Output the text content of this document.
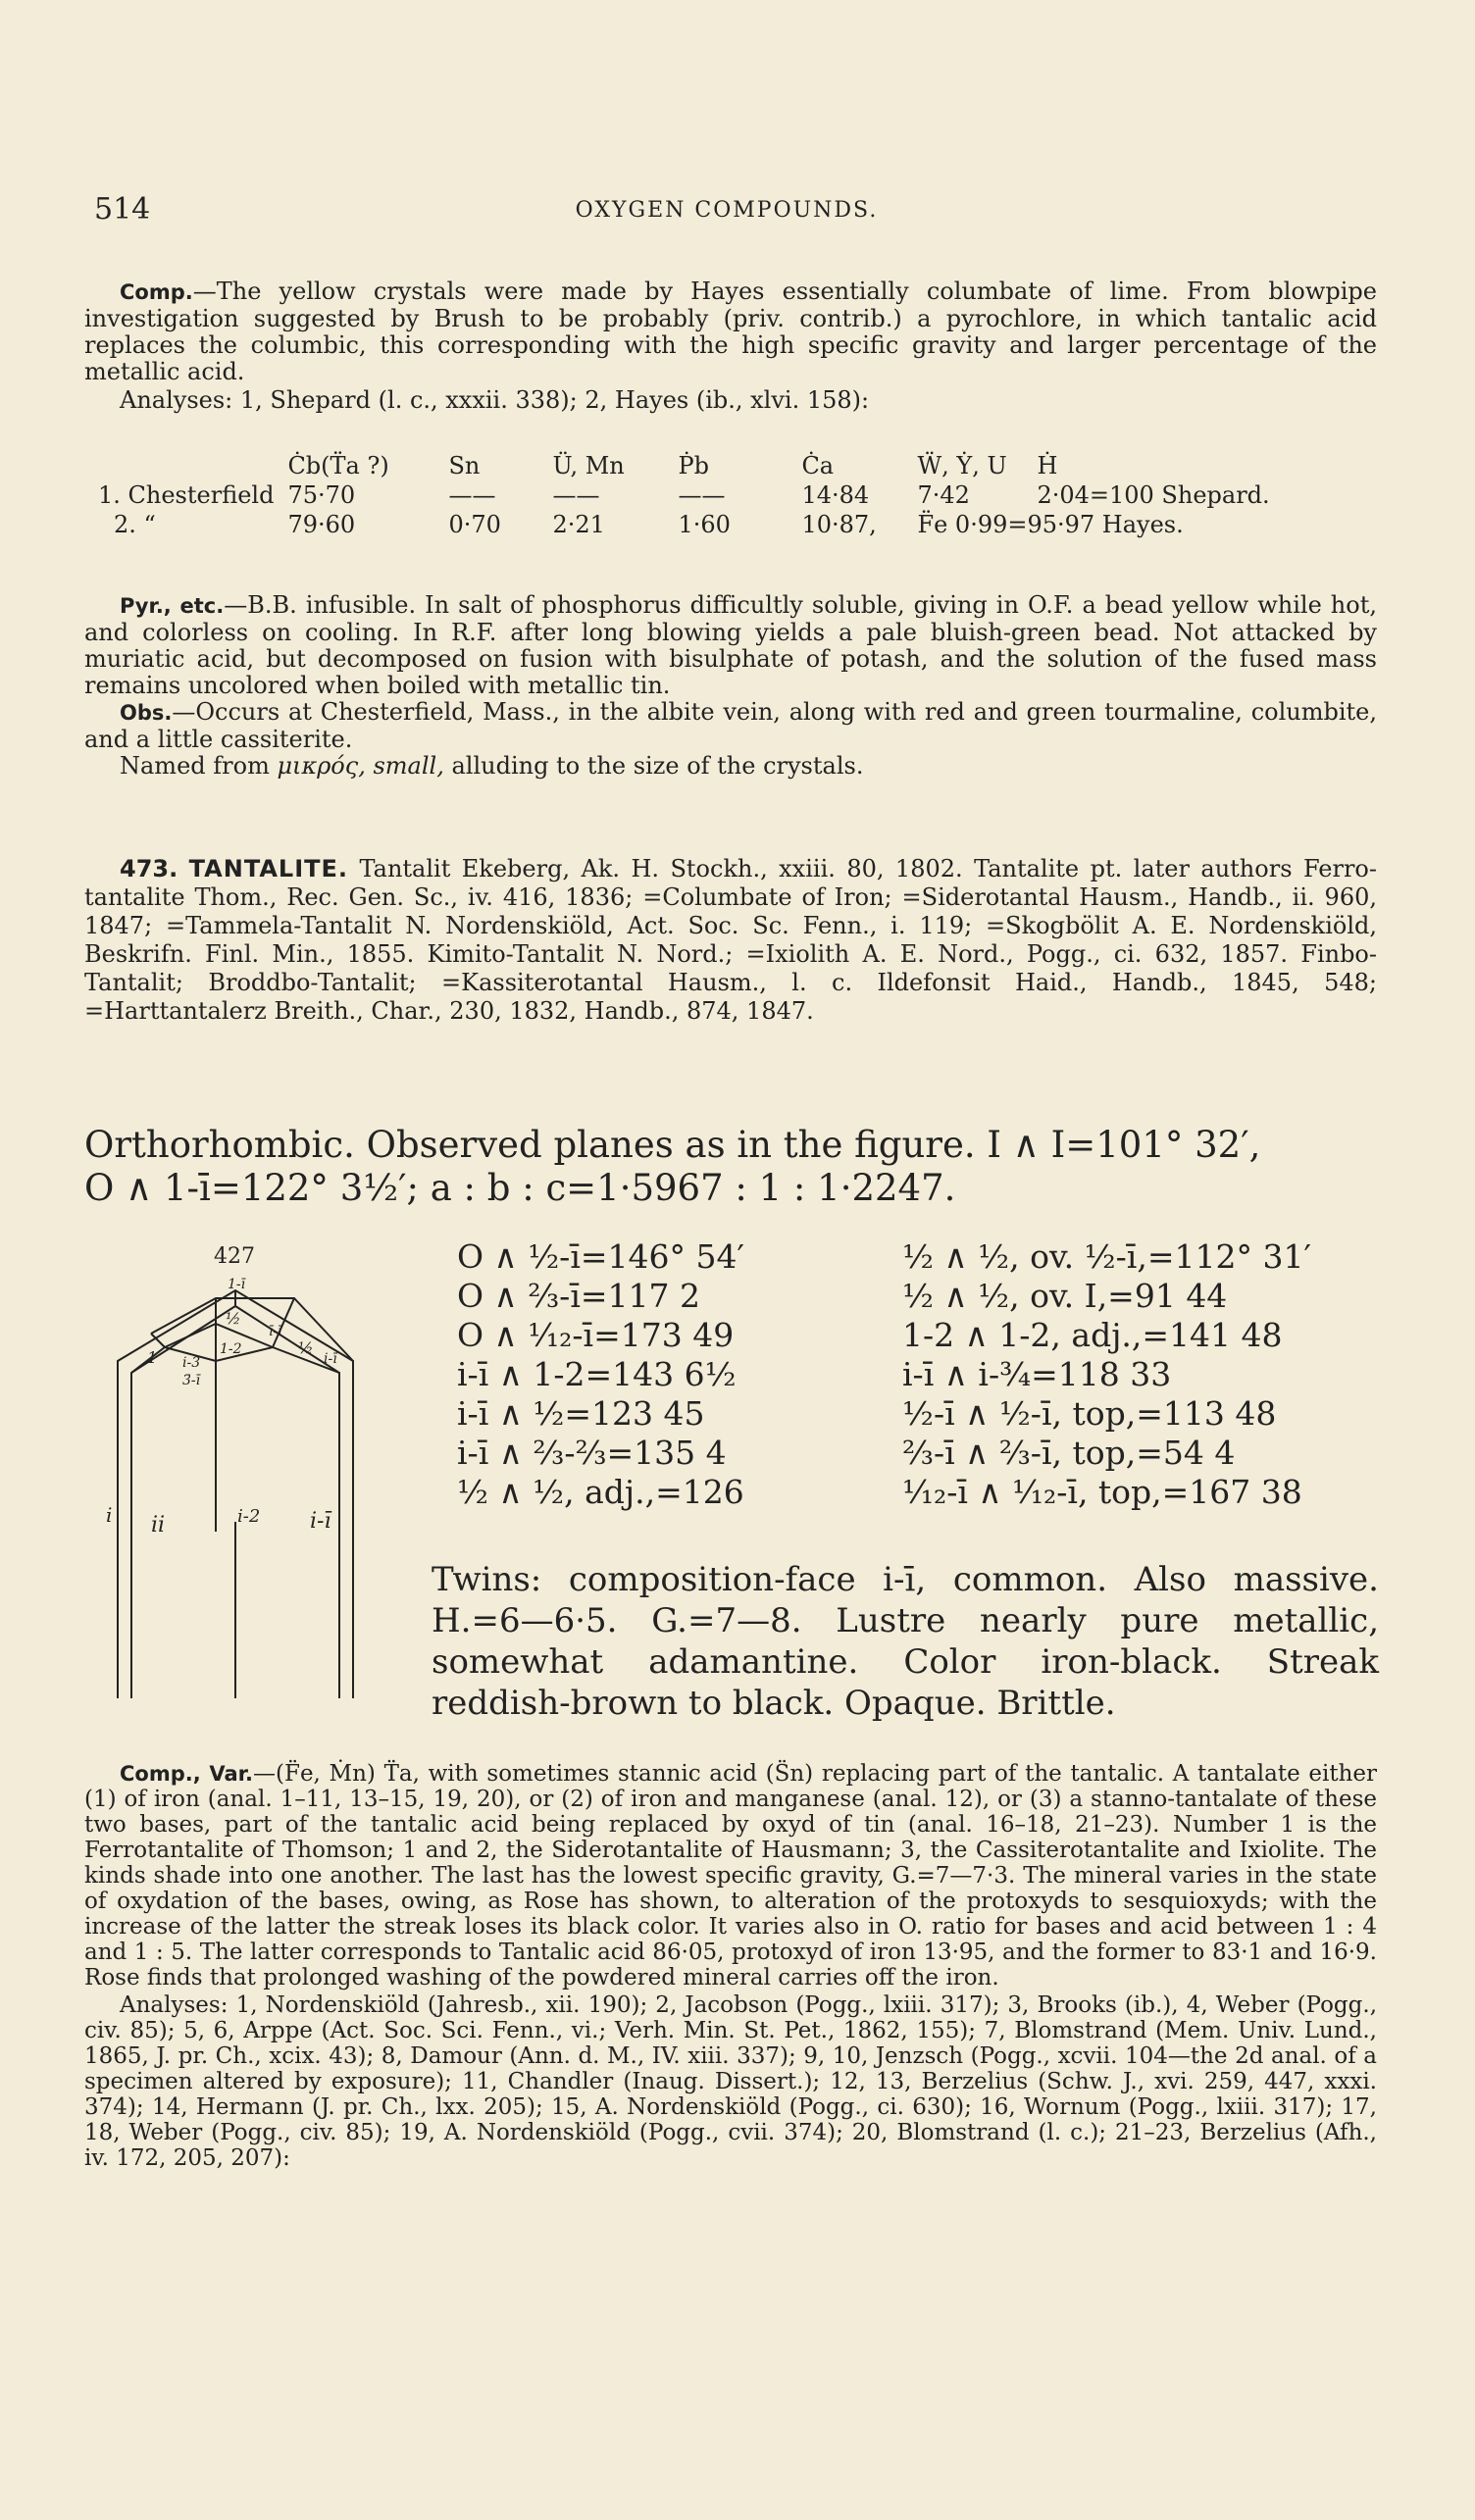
514	OXYGEN COMPOUNDS.

Comp.—The yellow crystals were made by Hayes essentially columbate of lime. From blowpipe investigation suggested by Brush to be probably (priv. contrib.) a pyrochlore, in which tantalic acid replaces the columbic, this corresponding with the high specific gravity and larger percentage of the metallic acid.

Analyses: 1, Shepard (l. c., xxxii. 338); 2, Hayes (ib., xlvi. 158):

	Ċb(T̈a ?)	Sn	Ü, Mn	Ṗb	Ċa	Ẅ, Ẏ, U	Ḣ
1. Chesterfield	75·70	——	——	——	14·84	7·42	2·04=100 Shepard.
2. “	79·60	0·70	2·21	1·60	10·87,	F̈e 0·99=95·97 Hayes.	

Pyr., etc.—B.B. infusible. In salt of phosphorus difficultly soluble, giving in O.F. a bead yellow while hot, and colorless on cooling. In R.F. after long blowing yields a pale bluish-green bead. Not attacked by muriatic acid, but decomposed on fusion with bisulphate of potash, and the solution of the fused mass remains uncolored when boiled with metallic tin.

Obs.—Occurs at Chesterfield, Mass., in the albite vein, along with red and green tourmaline, columbite, and a little cassiterite.

Named from μικρός, small, alluding to the size of the crystals.

473. TANTALITE. Tantalit Ekeberg, Ak. H. Stockh., xxiii. 80, 1802. Tantalite pt. later authors Ferro-tantalite Thom., Rec. Gen. Sc., iv. 416, 1836; =Columbate of Iron; =Siderotantal Hausm., Handb., ii. 960, 1847; =Tammela-Tantalit N. Nordenskiöld, Act. Soc. Sc. Fenn., i. 119; =Skogbölit A. E. Nordenskiöld, Beskrifn. Finl. Min., 1855. Kimito-Tantalit N. Nord.; =Ixiolith A. E. Nord., Pogg., ci. 632, 1857. Finbo-Tantalit; Broddbo-Tantalit; =Kassiterotantal Hausm., l. c. Ildefonsit Haid., Handb., 1845, 548; =Harttantalerz Breith., Char., 230, 1832, Handb., 874, 1847.

Orthorhombic. Observed planes as in the figure. I ∧ I=101° 32′,
O ∧ 1-ī=122° 3½′; a : b : c=1·5967 : 1 : 1·2247.
427
1
½
½
1-ī
ī-ī
i-3
3̄-ī
1-2
i-ī
i ii	i-2 i-ī
O ∧ ½-ī=146° 54′
O ∧ ⅔-ī=117 2
O ∧ ¹⁄₁₂-ī=173 49
i-ī ∧ 1-2=143 6½
i-ī ∧ ½=123 45
i-ī ∧ ⅔-⅔=135 4
½ ∧ ½, adj.,=126
½ ∧ ½, ov. ½-ī,=112° 31′
½ ∧ ½, ov. I,=91 44
1-2 ∧ 1-2, adj.,=141 48
i-ī ∧ i-¾=118 33
½-ī ∧ ½-ī, top,=113 48
⅔-ī ∧ ⅔-ī, top,=54 4
¹⁄₁₂-ī ∧ ¹⁄₁₂-ī, top,=167 38
Twins: composition-face i-ī, common. Also massive. H.=6—6·5. G.=7—8. Lustre nearly pure metallic, somewhat adamantine. Color iron-black. Streak reddish-brown to black. Opaque. Brittle.

Comp., Var.—(F̈e, Ṁn) T̈a, with sometimes stannic acid (S̈n) replacing part of the tantalic. A tantalate either (1) of iron (anal. 1–11, 13–15, 19, 20), or (2) of iron and manganese (anal. 12), or (3) a stanno-tantalate of these two bases, part of the tantalic acid being replaced by oxyd of tin (anal. 16–18, 21–23). Number 1 is the Ferrotantalite of Thomson; 1 and 2, the Siderotantalite of Hausmann; 3, the Cassiterotantalite and Ixiolite. The kinds shade into one another. The last has the lowest specific gravity, G.=7—7·3. The mineral varies in the state of oxydation of the bases, owing, as Rose has shown, to alteration of the protoxyds to sesquioxyds; with the increase of the latter the streak loses its black color. It varies also in O. ratio for bases and acid between 1 : 4 and 1 : 5. The latter corresponds to Tantalic acid 86·05, protoxyd of iron 13·95, and the former to 83·1 and 16·9. Rose finds that prolonged washing of the powdered mineral carries off the iron.

Analyses: 1, Nordenskiöld (Jahresb., xii. 190); 2, Jacobson (Pogg., lxiii. 317); 3, Brooks (ib.), 4, Weber (Pogg., civ. 85); 5, 6, Arppe (Act. Soc. Sci. Fenn., vi.; Verh. Min. St. Pet., 1862, 155); 7, Blomstrand (Mem. Univ. Lund., 1865, J. pr. Ch., xcix. 43); 8, Damour (Ann. d. M., IV. xiii. 337); 9, 10, Jenzsch (Pogg., xcvii. 104—the 2d anal. of a specimen altered by exposure); 11, Chandler (Inaug. Dissert.); 12, 13, Berzelius (Schw. J., xvi. 259, 447, xxxi. 374); 14, Hermann (J. pr. Ch., lxx. 205); 15, A. Nordenskiöld (Pogg., ci. 630); 16, Wornum (Pogg., lxiii. 317); 17, 18, Weber (Pogg., civ. 85); 19, A. Nordenskiöld (Pogg., cvii. 374); 20, Blomstrand (l. c.); 21–23, Berzelius (Afh., iv. 172, 205, 207):
